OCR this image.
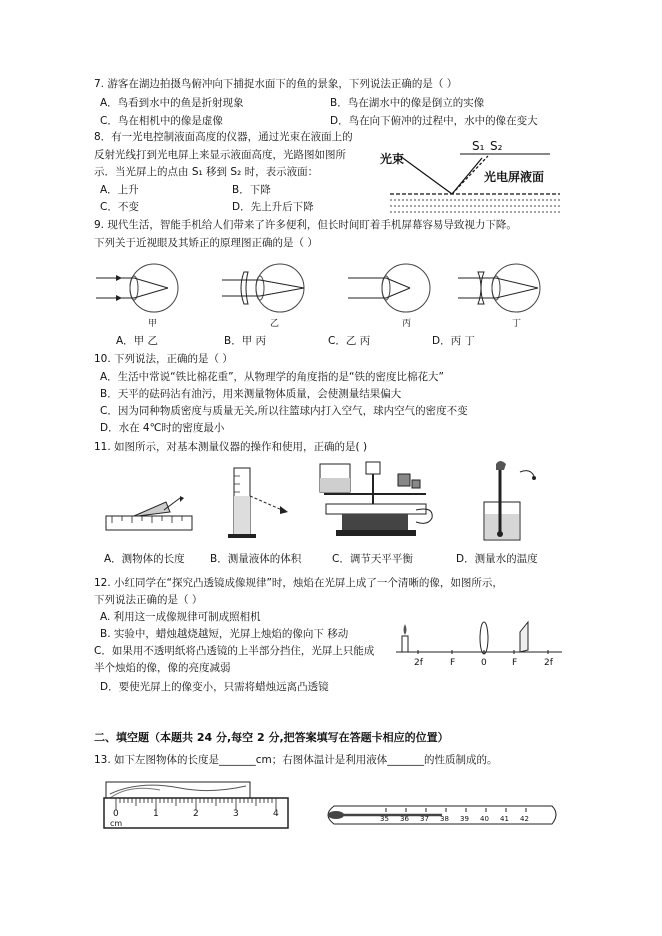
7. 游客在湖边拍摄鸟俯冲向下捕捉水面下的鱼的景象，下列说法正确的是（ ）
A．鸟看到水中的鱼是折射现象	B．鸟在湖水中的像是倒立的实像
C．鸟在相机中的像是虚像	D．鸟在向下俯冲的过程中，水中的像在变大
8．有一光电控制液面高度的仪器，通过光束在液面上的
反射光线打到光电屏上来显示液面高度，光路图如图所
示．当光屏上的点由 S₁ 移到 S₂ 时，表示液面：
A．上升	B．下降
C．不变	D．先上升后下降
光束
S₁ S₂
光电屏液面
9. 现代生活，智能手机给人们带来了许多便利，但长时间盯着手机屏幕容易导致视力下降。
下列关于近视眼及其矫正的原理图正确的是（ ）
甲	乙	丙	丁
A．甲 乙	B．甲 丙	C．乙 丙	D．丙 丁
10. 下列说法，正确的是（ ）
A．生活中常说“铁比棉花重”，从物理学的角度指的是“铁的密度比棉花大”
B．天平的砝码沾有油污，用来测量物体质量，会使测量结果偏大
C．因为同种物质密度与质量无关,所以往篮球内打入空气，球内空气的密度不变
D．水在 4℃时的密度最小
11. 如图所示，对基本测量仪器的操作和使用，正确的是( )
A．测物体的长度 B．测量液体的体积	C．调节天平平衡	D．测量水的温度
12. 小红同学在“探究凸透镜成像规律”时，烛焰在光屏上成了一个清晰的像，如图所示，
下列说法正确的是（ ）
A. 利用这一成像规律可制成照相机
B. 实验中，蜡烛越烧越短，光屏上烛焰的像向下 移动
C．如果用不透明纸将凸透镜的上半部分挡住，光屏上只能成
半个烛焰的像，像的亮度减弱
D．要使光屏上的像变小，只需将蜡烛远离凸透镜
2f	F	0	F	2f
二、填空题（本题共 24 分,每空 2 分,把答案填写在答题卡相应的位置）
13. 如下左图物体的长度是_______cm；右图体温计是利用液体_______的性质制成的。
0	1	2	3	4
cm	35 36 37 38 39 40 41 42
